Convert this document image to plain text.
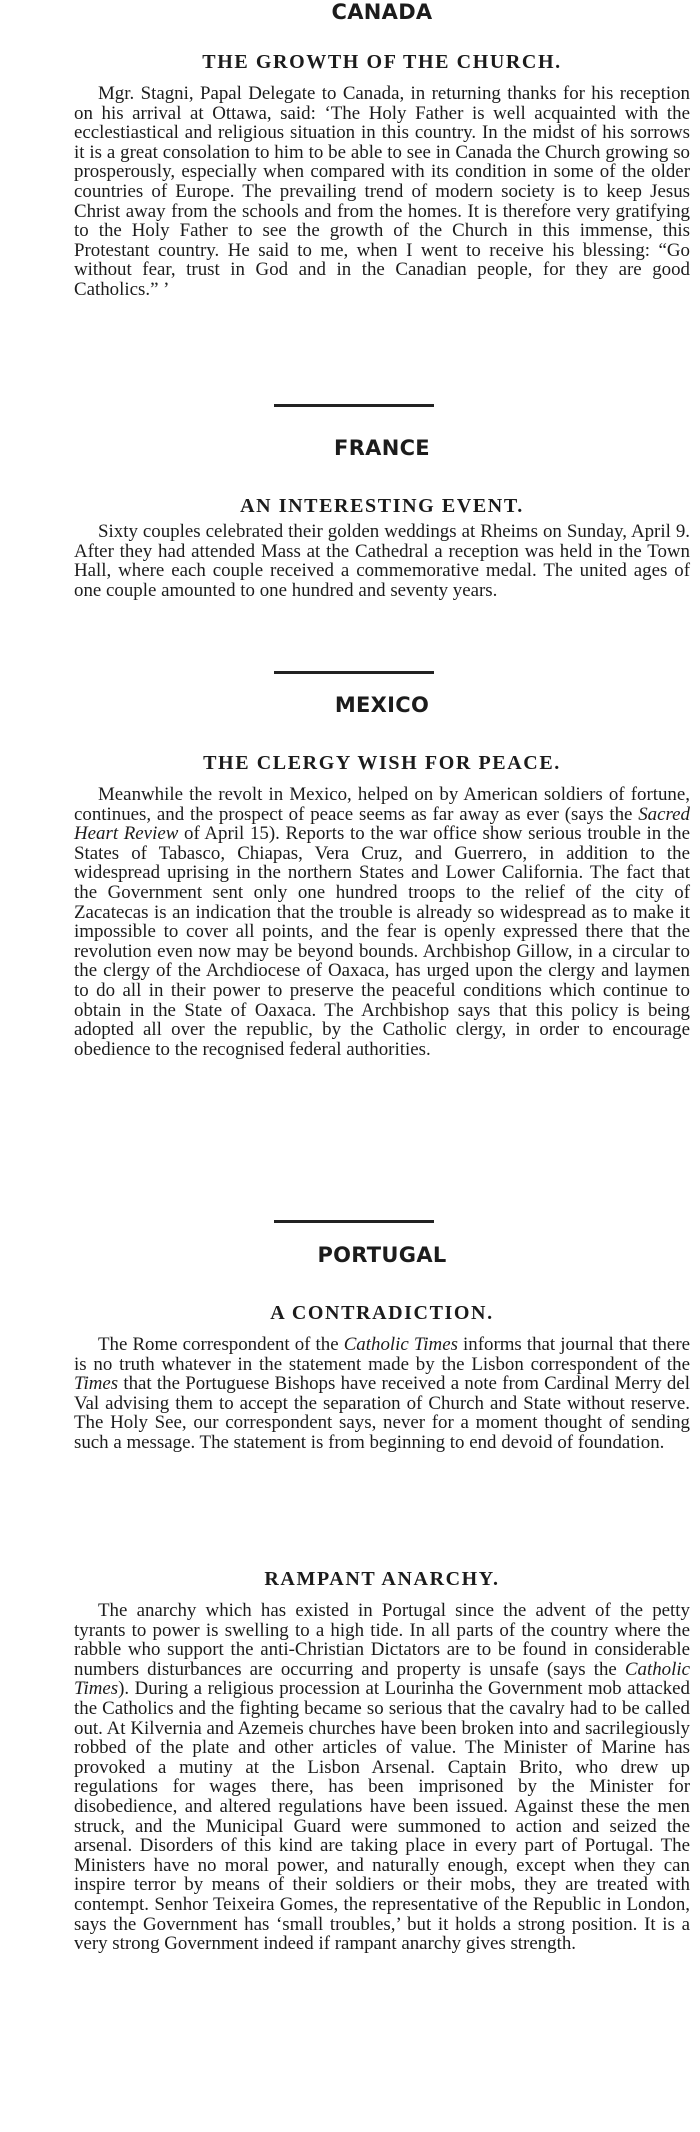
CANADA
THE GROWTH OF THE CHURCH.

Mgr. Stagni, Papal Delegate to Canada, in returning thanks for his reception on his arrival at Ottawa, said: ‘The Holy Father is well acquainted with the ecclestiastical and religious situation in this country. In the midst of his sorrows it is a great consolation to him to be able to see in Canada the Church growing so prosperously, especially when compared with its condition in some of the older countries of Europe. The prevailing trend of modern society is to keep Jesus Christ away from the schools and from the homes. It is therefore very gratifying to the Holy Father to see the growth of the Church in this immense, this Protestant country. He said to me, when I went to receive his blessing: “Go without fear, trust in God and in the Canadian people, for they are good Catholics.” ’

FRANCE
AN INTERESTING EVENT.

Sixty couples celebrated their golden weddings at Rheims on Sunday, April 9. After they had attended Mass at the Cathedral a reception was held in the Town Hall, where each couple received a commemorative medal. The united ages of one couple amounted to one hundred and seventy years.

MEXICO
THE CLERGY WISH FOR PEACE.

Meanwhile the revolt in Mexico, helped on by American soldiers of fortune, continues, and the prospect of peace seems as far away as ever (says the Sacred Heart Review of April 15). Reports to the war office show serious trouble in the States of Tabasco, Chiapas, Vera Cruz, and Guerrero, in addition to the widespread uprising in the northern States and Lower California. The fact that the Government sent only one hundred troops to the relief of the city of Zacatecas is an indication that the trouble is already so widespread as to make it impossible to cover all points, and the fear is openly expressed there that the revolution even now may be beyond bounds. Archbishop Gillow, in a circular to the clergy of the Archdiocese of Oaxaca, has urged upon the clergy and laymen to do all in their power to preserve the peaceful conditions which continue to obtain in the State of Oaxaca. The Archbishop says that this policy is being adopted all over the republic, by the Catholic clergy, in order to encourage obedience to the recognised federal authorities.

PORTUGAL
A CONTRADICTION.

The Rome correspondent of the Catholic Times informs that journal that there is no truth whatever in the statement made by the Lisbon correspondent of the Times that the Portuguese Bishops have received a note from Cardinal Merry del Val advising them to accept the separation of Church and State without reserve. The Holy See, our correspondent says, never for a moment thought of sending such a message. The statement is from beginning to end devoid of foundation.

RAMPANT ANARCHY.

The anarchy which has existed in Portugal since the advent of the petty tyrants to power is swelling to a high tide. In all parts of the country where the rabble who support the anti-Christian Dictators are to be found in considerable numbers disturbances are occurring and property is unsafe (says the Catholic Times). During a religious procession at Lourinha the Government mob attacked the Catholics and the fighting became so serious that the cavalry had to be called out. At Kilvernia and Azemeis churches have been broken into and sacrilegiously robbed of the plate and other articles of value. The Minister of Marine has provoked a mutiny at the Lisbon Arsenal. Captain Brito, who drew up regulations for wages there, has been imprisoned by the Minister for disobedience, and altered regulations have been issued. Against these the men struck, and the Municipal Guard were summoned to action and seized the arsenal. Disorders of this kind are taking place in every part of Portugal. The Ministers have no moral power, and naturally enough, except when they can inspire terror by means of their soldiers or their mobs, they are treated with contempt. Senhor Teixeira Gomes, the representative of the Republic in London, says the Government has ‘small troubles,’ but it holds a strong position. It is a very strong Government indeed if rampant anarchy gives strength.
